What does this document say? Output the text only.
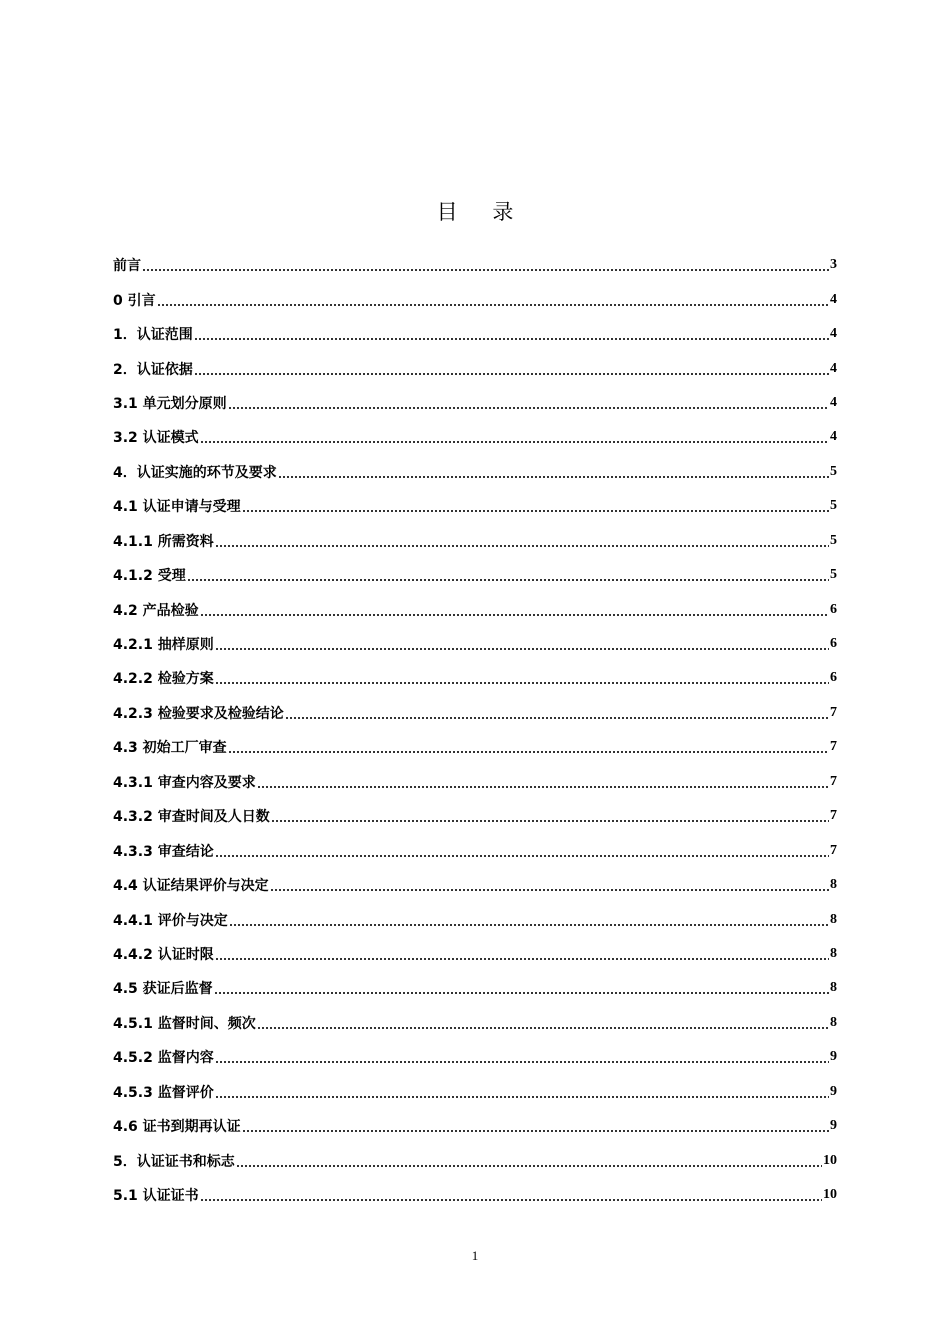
目 录
前言	3
0 引言	4
1．认证范围	4
2．认证依据	4
3.1 单元划分原则	4
3.2 认证模式	4
4．认证实施的环节及要求	5
4.1 认证申请与受理	5
4.1.1 所需资料	5
4.1.2 受理	5
4.2 产品检验	6
4.2.1 抽样原则	6
4.2.2 检验方案	6
4.2.3 检验要求及检验结论	7
4.3 初始工厂审查	7
4.3.1 审查内容及要求	7
4.3.2 审查时间及人日数	7
4.3.3 审查结论	7
4.4 认证结果评价与决定	8
4.4.1 评价与决定	8
4.4.2 认证时限	8
4.5 获证后监督	8
4.5.1 监督时间、频次	8
4.5.2 监督内容	9
4.5.3 监督评价	9
4.6 证书到期再认证	9
5．认证证书和标志	10
5.1 认证证书	10
1
